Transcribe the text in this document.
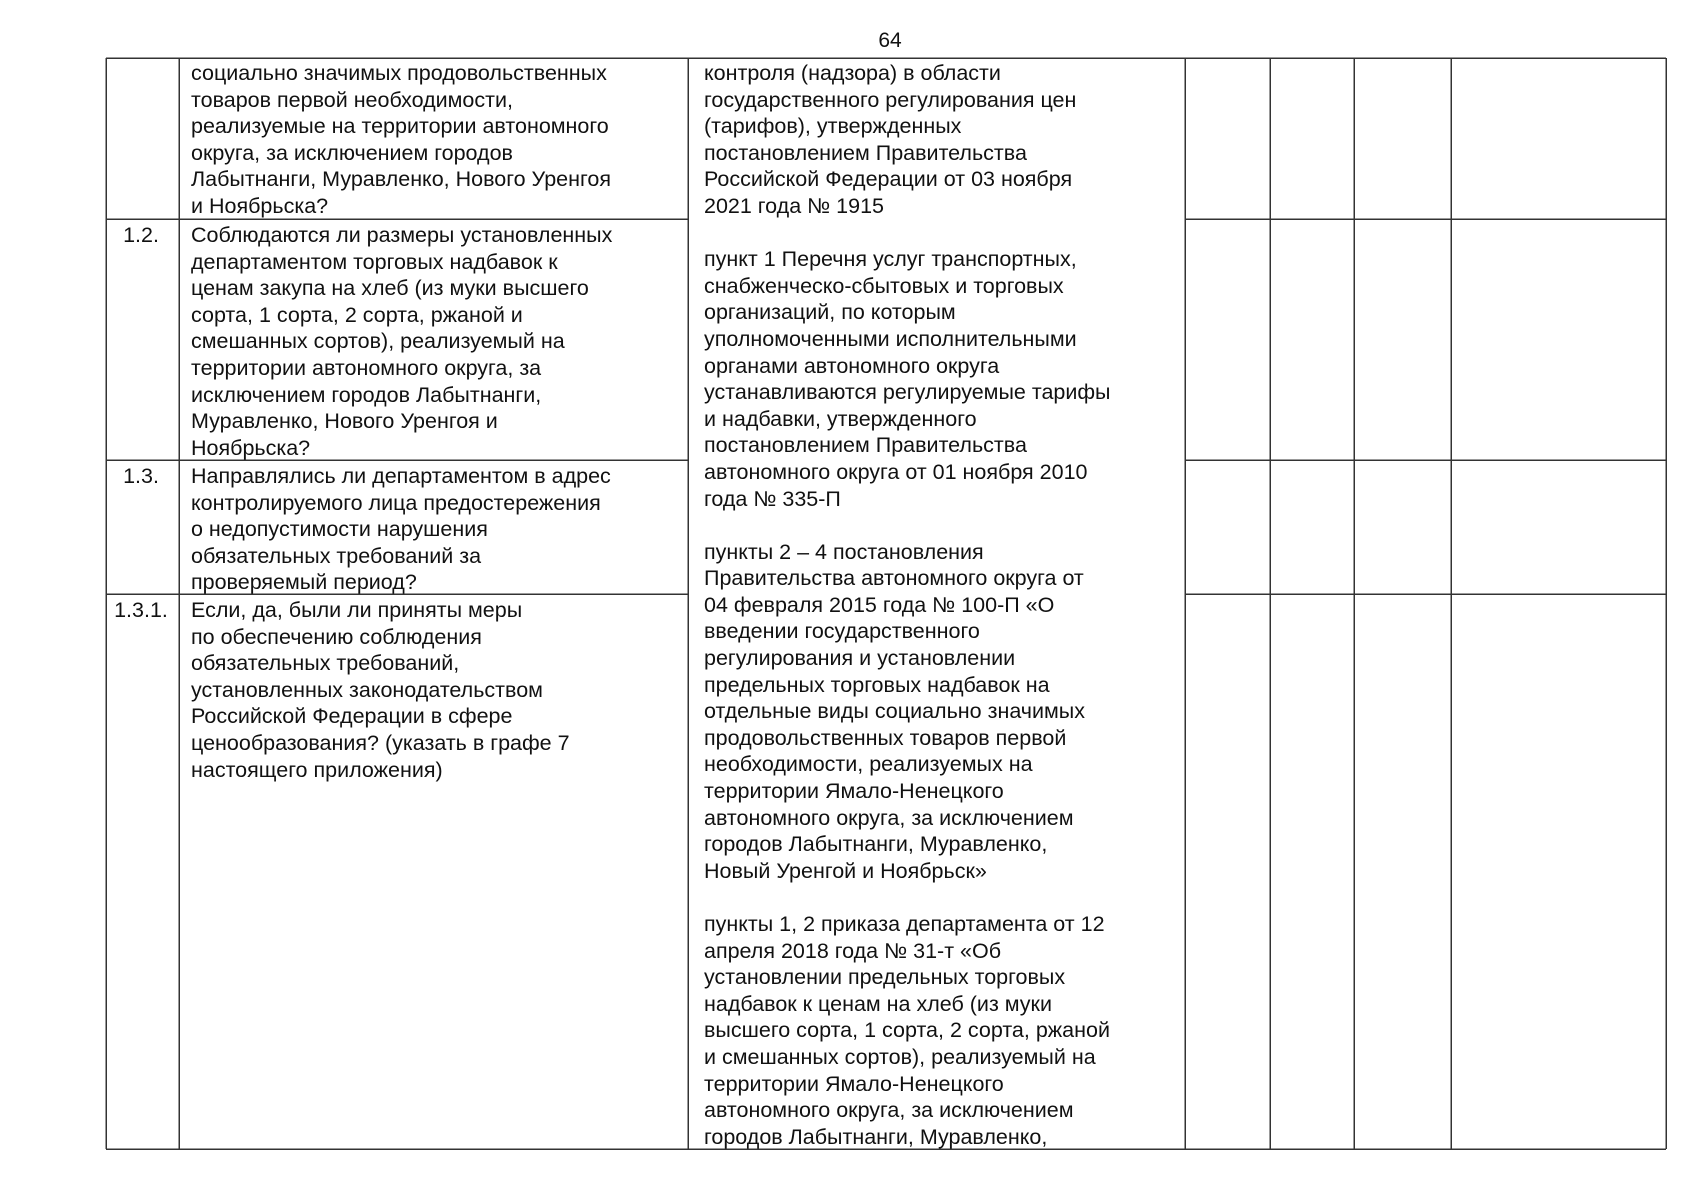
64
1.2.
1.3.
1.3.1.
социально значимых продовольственных
товаров первой необходимости,
реализуемые на территории автономного
округа, за исключением городов
Лабытнанги, Муравленко, Нового Уренгоя
и Ноябрьска?
Соблюдаются ли размеры установленных
департаментом торговых надбавок к
ценам закупа на хлеб (из муки высшего
сорта, 1 сорта, 2 сорта, ржаной и
смешанных сортов), реализуемый на
территории автономного округа, за
исключением городов Лабытнанги,
Муравленко, Нового Уренгоя и
Ноябрьска?
Направлялись ли департаментом в адрес
контролируемого лица предостережения
о недопустимости нарушения
обязательных требований за
проверяемый период?
Если, да, были ли приняты меры
по обеспечению соблюдения
обязательных требований,
установленных законодательством
Российской Федерации в сфере
ценообразования? (указать в графе 7
настоящего приложения)

контроля (надзора) в области
государственного регулирования цен
(тарифов), утвержденных
постановлением Правительства
Российской Федерации от 03 ноября
2021 года № 1915

пункт 1 Перечня услуг транспортных,
снабженческо-сбытовых и торговых
организаций, по которым
уполномоченными исполнительными
органами автономного округа
устанавливаются регулируемые тарифы
и надбавки, утвержденного
постановлением Правительства
автономного округа от 01 ноября 2010
года № 335-П

пункты 2 – 4 постановления
Правительства автономного округа от
04 февраля 2015 года № 100-П «О
введении государственного
регулирования и установлении
предельных торговых надбавок на
отдельные виды социально значимых
продовольственных товаров первой
необходимости, реализуемых на
территории Ямало-Ненецкого
автономного округа, за исключением
городов Лабытнанги, Муравленко,
Новый Уренгой и Ноябрьск»

пункты 1, 2 приказа департамента от 12
апреля 2018 года № 31-т «Об
установлении предельных торговых
надбавок к ценам на хлеб (из муки
высшего сорта, 1 сорта, 2 сорта, ржаной
и смешанных сортов), реализуемый на
территории Ямало-Ненецкого
автономного округа, за исключением
городов Лабытнанги, Муравленко,
